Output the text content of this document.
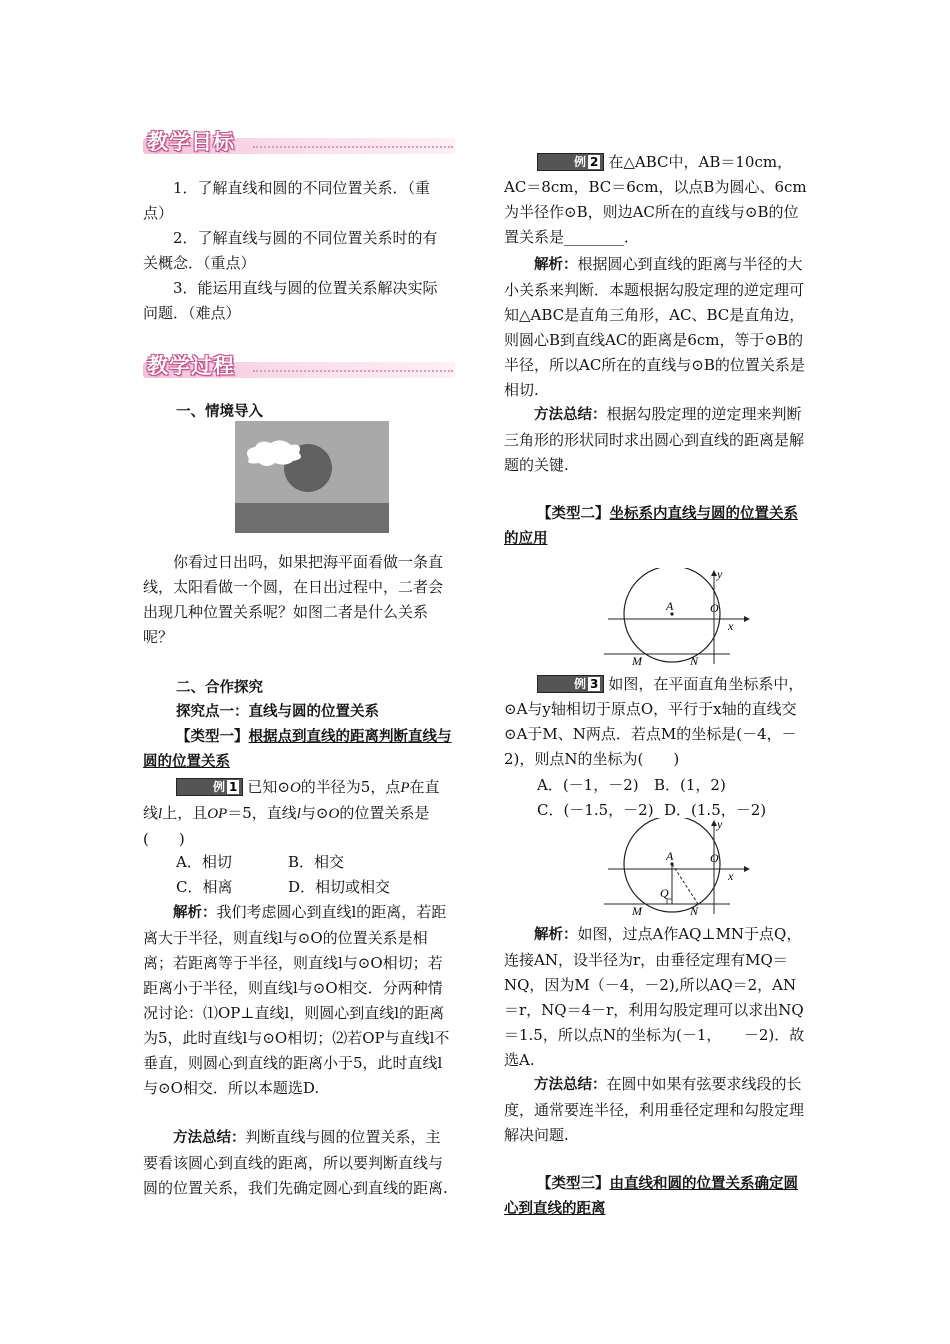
教学目标

1．了解直线和圆的不同位置关系．（重点）

2．了解直线与圆的不同位置关系时的有关概念．（重点）

3．能运用直线与圆的位置关系解决实际问题．（难点）

教学过程

一、情境导入

你看过日出吗，如果把海平面看做一条直线，太阳看做一个圆，在日出过程中，二者会出现几种位置关系呢？如图二者是什么关系呢？

二、合作探究

探究点一：直线与圆的位置关系

【类型一】根据点到直线的距离判断直线与圆的位置关系

例 1 已知⊙O的半径为5，点P在直线l上，且OP＝5，直线l与⊙O的位置关系是(　　)

A．相切	B．相交

C．相离	D．相切或相交

解析：我们考虑圆心到直线l的距离，若距离大于半径，则直线l与⊙O的位置关系是相离；若距离等于半径，则直线l与⊙O相切；若距离小于半径，则直线l与⊙O相交．分两种情况讨论：⑴OP⊥直线l，则圆心到直线l的距离为5，此时直线l与⊙O相切；⑵若OP与直线l不垂直，则圆心到直线的距离小于5，此时直线l与⊙O相交．所以本题选D.

方法总结：判断直线与圆的位置关系，主要看该圆心到直线的距离，所以要判断直线与圆的位置关系，我们先确定圆心到直线的距离.

例 2 在△ABC中，AB＝10cm，AC＝8cm，BC＝6cm，以点B为圆心、6cm为半径作⊙B，则边AC所在的直线与⊙B的位置关系是________．

解析：根据圆心到直线的距离与半径的大小关系来判断．本题根据勾股定理的逆定理可知△ABC是直角三角形，AC、BC是直角边，则圆心B到直线AC的距离是6cm，等于⊙B的半径，所以AC所在的直线与⊙B的位置关系是相切.

方法总结：根据勾股定理的逆定理来判断三角形的形状同时求出圆心到直线的距离是解题的关键.

【类型二】坐标系内直线与圆的位置关系的应用

A	O
x
y
M	N

例 3 如图，在平面直角坐标系中，⊙A与y轴相切于原点O，平行于x轴的直线交⊙A于M、N两点．若点M的坐标是(－4，－2)，则点N的坐标为(　　)

A．(－1，－2) B．(1，2)

C．(－1.5，－2) D．(1.5，－2)

A	O
x
y
Q
M	N

解析：如图，过点A作AQ⊥MN于点Q，连接AN，设半径为r，由垂径定理有MQ＝NQ，因为M（－4，－2),所以AQ＝2，AN＝r，NQ＝4－r，利用勾股定理可以求出NQ＝1.5，所以点N的坐标为(－1，　　－2)．故选A.

方法总结：在圆中如果有弦要求线段的长度，通常要连半径，利用垂径定理和勾股定理解决问题.

【类型三】由直线和圆的位置关系确定圆心到直线的距离
